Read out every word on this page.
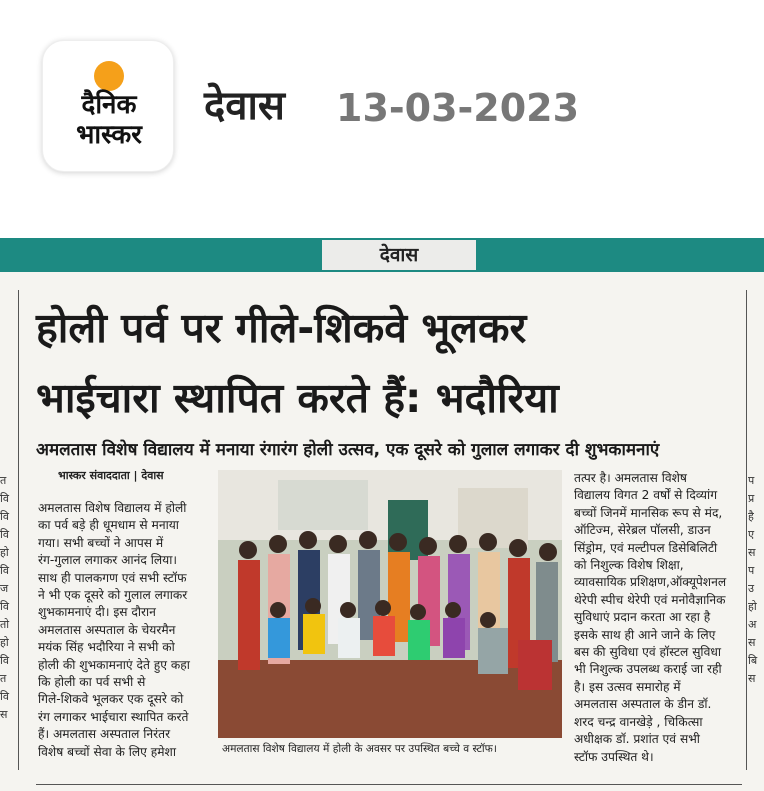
दैनिक
भास्कर
देवास 13-03-2023
देवास
होली पर्व पर गीले-शिकवे भूलकर
भाईचारा स्थापित करते हैं: भदौरिया
अमलतास विशेष विद्यालय में मनाया रंगारंग होली उत्सव, एक दूसरे को गुलाल लगाकर दी शुभकामनाएं
भास्कर संवाददाता | देवास

अमलतास विशेष विद्यालय में होली

का पर्व बड़े ही धूमधाम से मनाया

गया। सभी बच्चों ने आपस में

रंग-गुलाल लगाकर आनंद लिया।

साथ ही पालकगण एवं सभी स्टॉफ

ने भी एक दूसरे को गुलाल लगाकर

शुभकामनाएं दी। इस दौरान

अमलतास अस्पताल के चेयरमैन

मयंक सिंह भदौरिया ने सभी को

होली की शुभकामनाएं देते हुए कहा

कि होली का पर्व सभी से

गिले-शिकवे भूलकर एक दूसरे को

रंग लगाकर भाईचारा स्थापित करते

हैं। अमलतास अस्पताल निरंतर

विशेष बच्चों सेवा के लिए हमेशा

तत्पर है। अमलतास विशेष

विद्यालय विगत 2 वर्षों से दिव्यांग

बच्चों जिनमें मानसिक रूप से मंद,

ऑटिज्म, सेरेब्रल पॉलसी, डाउन

सिंड्रोम, एवं मल्टीपल डिसेबिलिटी

को निशुल्क विशेष शिक्षा,

व्यावसायिक प्रशिक्षण,ऑक्यूपेशनल

थेरेपी स्पीच थेरेपी एवं मनोवैज्ञानिक

सुविधाएं प्रदान करता आ रहा है

इसके साथ ही आने जाने के लिए

बस की सुविधा एवं हॉस्टल सुविधा

भी निशुल्क उपलब्ध कराई जा रही

है। इस उत्सव समारोह में

अमलतास अस्पताल के डीन डॉ.

शरद चन्द्र वानखेड़े , चिकित्सा

अधीक्षक डॉ. प्रशांत एवं सभी

स्टॉफ उपस्थित थे।

अमलतास विशेष विद्यालय में होली के अवसर पर उपस्थित बच्चे व स्टॉफ।

त

वि

वि

वि

हो

वि

ज

वि

तो

हो

वि

त

वि

स

प

प्र

है

ए

स

प

उ

हो

अ

स

बि

स
